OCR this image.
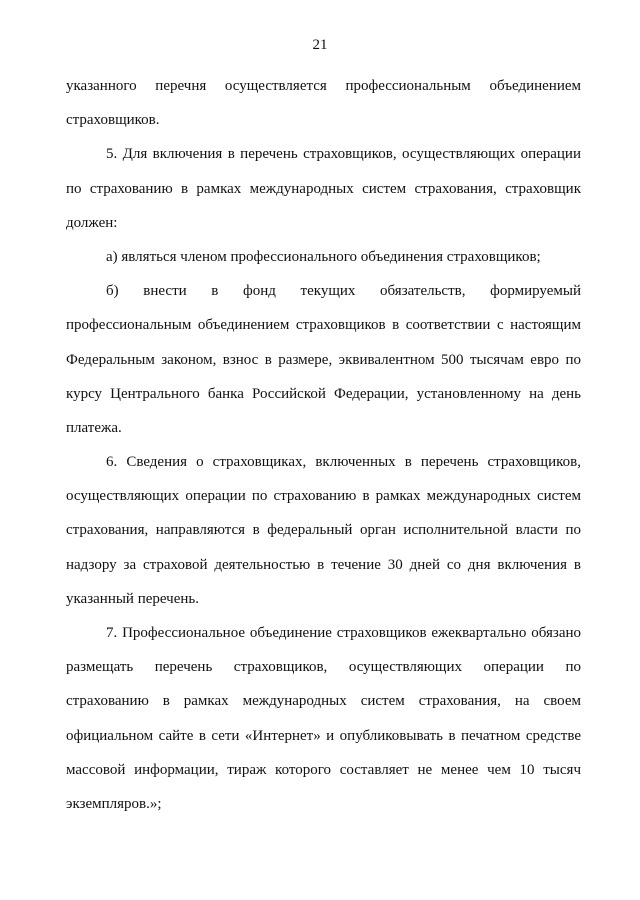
21
указанного перечня осуществляется профессиональным объединением
страховщиков.
5. Для включения в перечень страховщиков, осуществляющих операции
по страхованию в рамках международных систем страхования, страховщик
должен:
а) являться членом профессионального объединения страховщиков;
б) внести в фонд текущих обязательств, формируемый
профессиональным объединением страховщиков в соответствии с настоящим
Федеральным законом, взнос в размере, эквивалентном 500 тысячам евро по
курсу Центрального банка Российской Федерации, установленному на день
платежа.
6. Сведения о страховщиках, включенных в перечень страховщиков,
осуществляющих операции по страхованию в рамках международных систем
страхования, направляются в федеральный орган исполнительной власти по
надзору за страховой деятельностью в течение 30 дней со дня включения в
указанный перечень.
7. Профессиональное объединение страховщиков ежеквартально обязано
размещать перечень страховщиков, осуществляющих операции по
страхованию в рамках международных систем страхования, на своем
официальном сайте в сети «Интернет» и опубликовывать в печатном средстве
массовой информации, тираж которого составляет не менее чем 10 тысяч
экземпляров.»;
